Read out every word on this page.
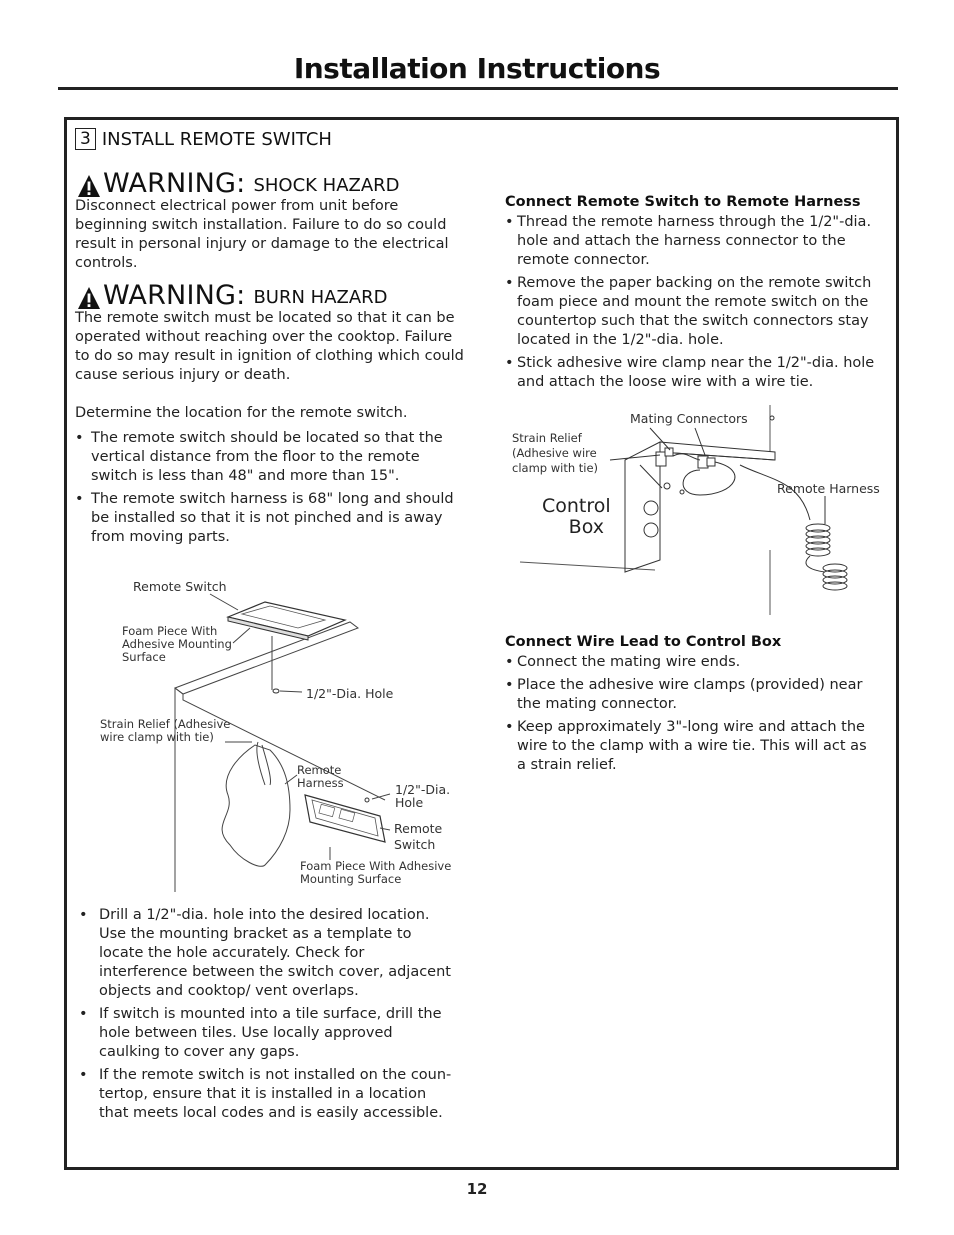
Installation Instructions
3 INSTALL REMOTE SWITCH
WARNING: SHOCK HAZARD
Disconnect electrical power from unit before beginning switch installation. Failure to do so could result in personal injury or damage to the electrical controls.
WARNING: BURN HAZARD
The remote switch must be located so that it can be operated without reaching over the cooktop. Failure to do so may result in ignition of clothing which could cause serious injury or death.
Determine the location for the remote switch.
• The remote switch should be located so that the vertical distance from the floor to the remote switch is less than 48" and more than 15".
• The remote switch harness is 68" long and should be installed so that it is not pinched and is away from moving parts.
Remote Switch
Foam Piece With Adhesive Mounting Surface
1/2"-Dia. Hole
Strain Relief (Adhesive wire clamp with tie)
Remote Harness	1/2"-Dia. Hole
Remote Switch
Foam Piece With Adhesive Mounting Surface
• Drill a 1/2"-dia. hole into the desired location. Use the mounting bracket as a template to locate the hole accurately. Check for interference between the switch cover, adjacent objects and cooktop/ vent overlaps.
• If switch is mounted into a tile surface, drill the hole between tiles. Use locally approved caulking to cover any gaps.
• If the remote switch is not installed on the coun-tertop, ensure that it is installed in a location that meets local codes and is easily accessible.
Connect Remote Switch to Remote Harness
• Thread the remote harness through the 1/2"-dia. hole and attach the harness connector to the remote connector.
• Remove the paper backing on the remote switch foam piece and mount the remote switch on the countertop such that the switch connectors stay located in the 1/2"-dia. hole.
• Stick adhesive wire clamp near the 1/2"-dia. hole and attach the loose wire with a wire tie.
Mating Connectors
Strain Relief (Adhesive wire clamp with tie)
Remote Harness
Control Box
Connect Wire Lead to Control Box
• Connect the mating wire ends.
• Place the adhesive wire clamps (provided) near the mating connector.
• Keep approximately 3"-long wire and attach the wire to the clamp with a wire tie. This will act as a strain relief.
12
